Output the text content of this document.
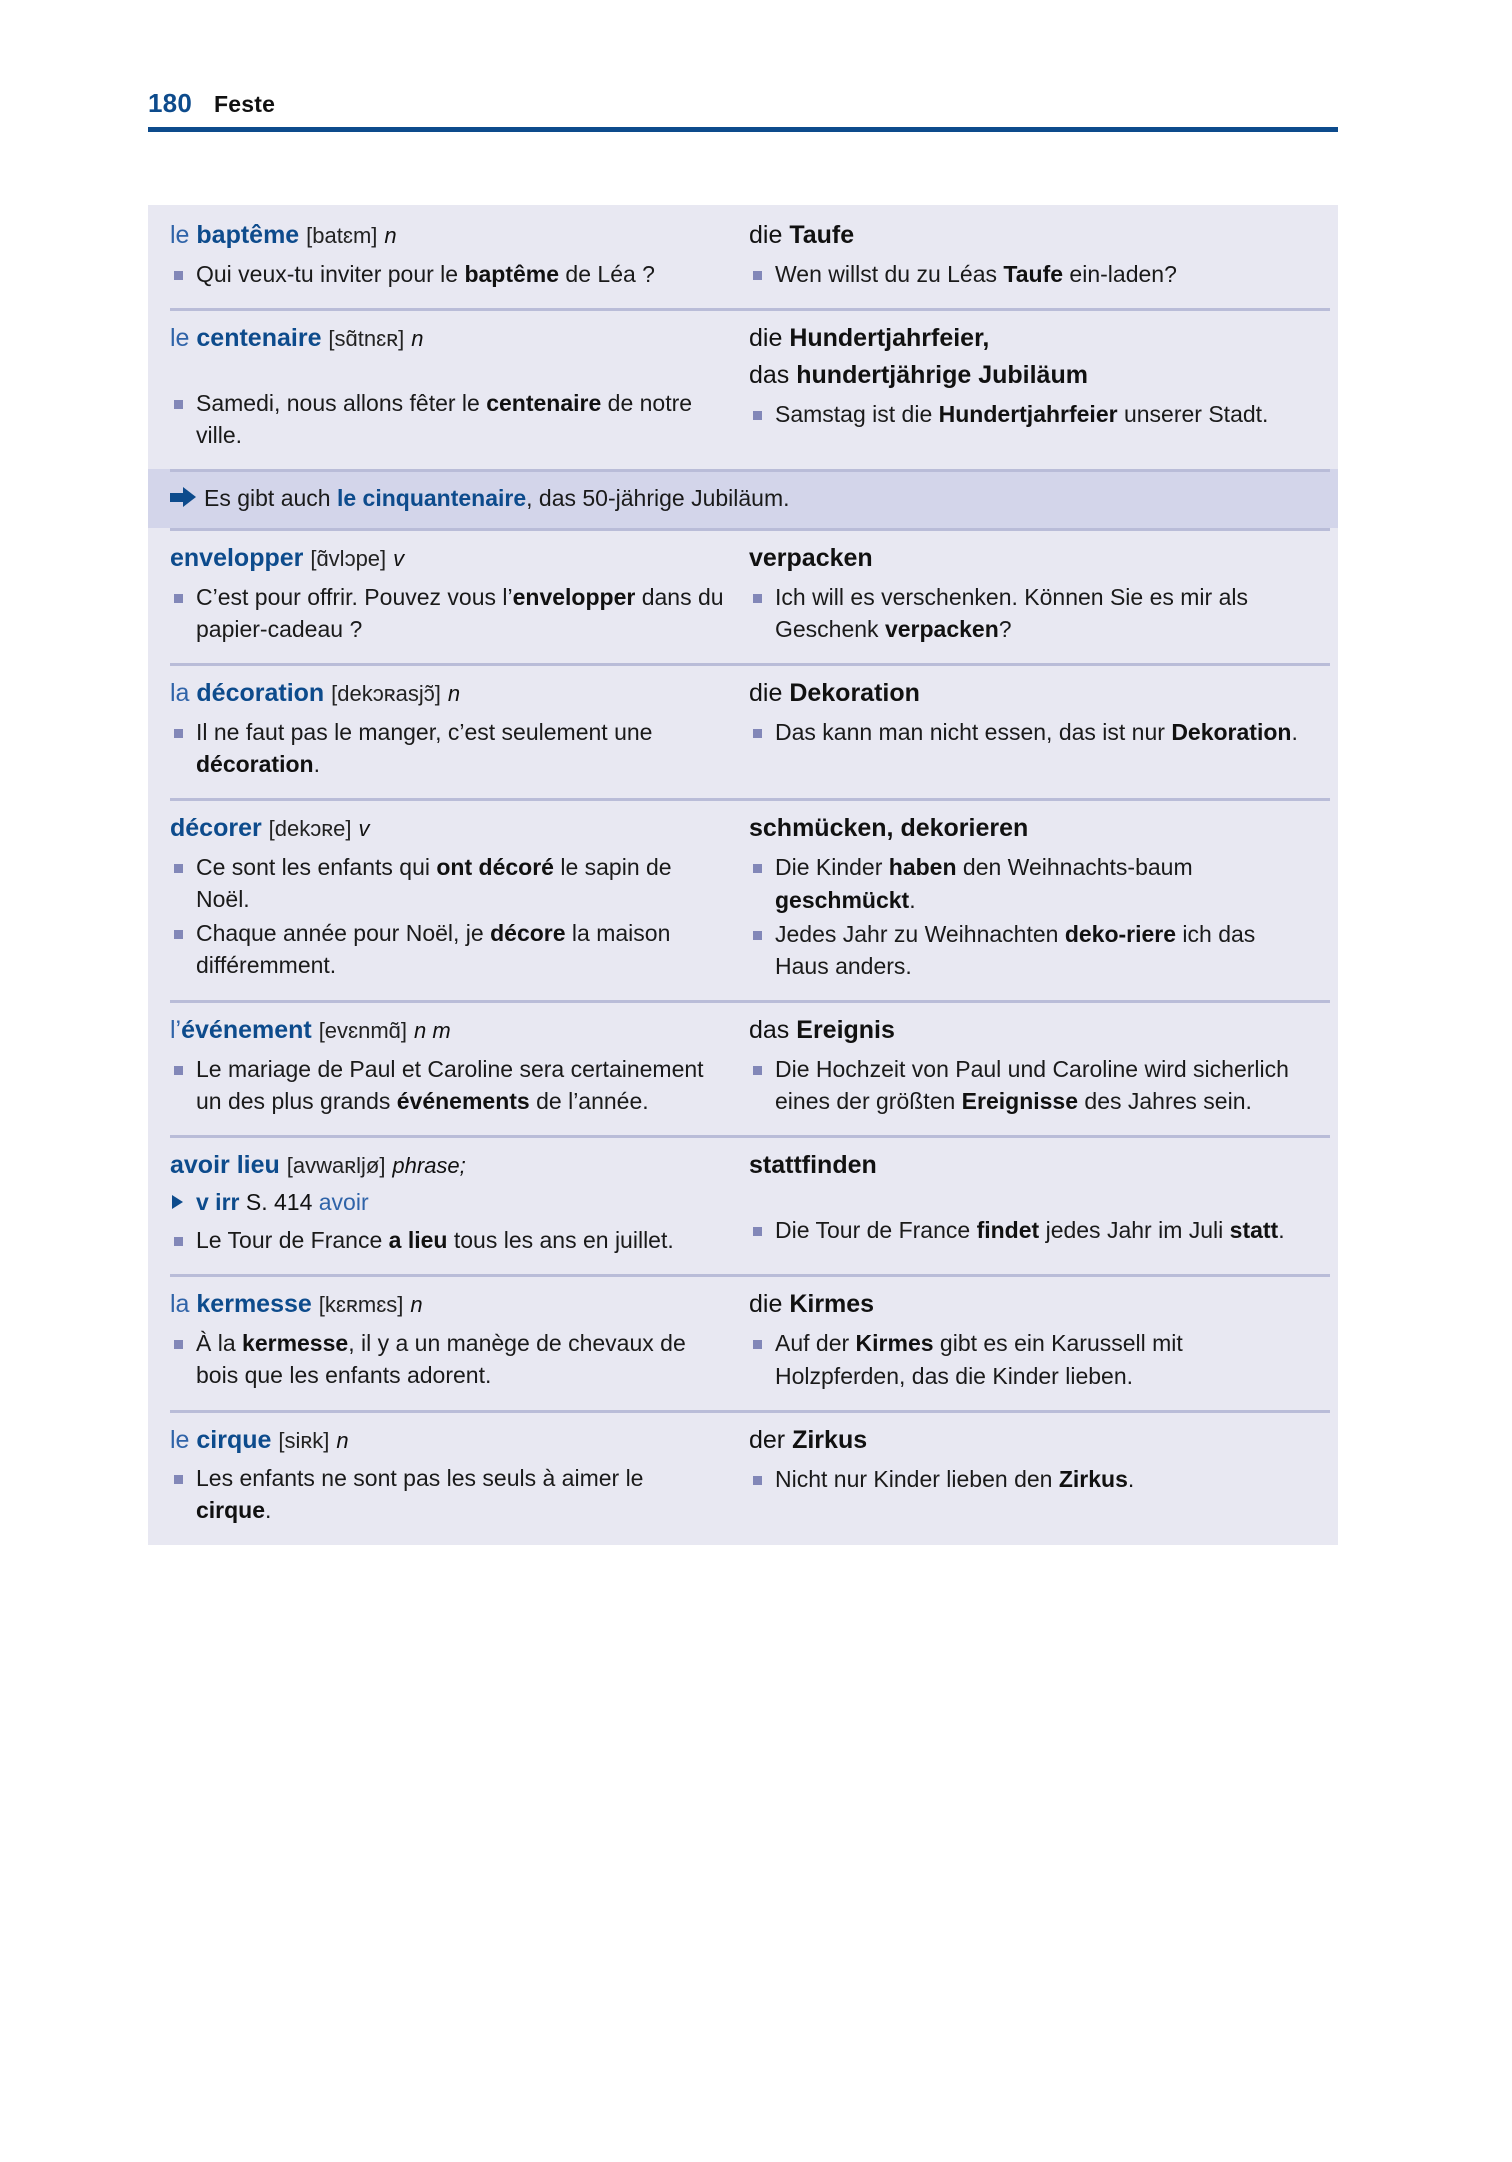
180 Feste
le baptême [batɛm] n
Qui veux-tu inviter pour le baptême de Léa ?
die Taufe
Wen willst du zu Léas Taufe ein-laden?
le centenaire [sɑ̃tnɛʀ] n
Samedi, nous allons fêter le centenaire de notre ville.
die Hundertjahrfeier,
das hundertjährige Jubiläum
Samstag ist die Hundertjahrfeier unserer Stadt.
Es gibt auch le cinquantenaire, das 50-jährige Jubiläum.
envelopper [ɑ̃vlɔpe] v
C’est pour offrir. Pouvez vous l’envelopper dans du papier-cadeau ?
verpacken
Ich will es verschenken. Können Sie es mir als Geschenk verpacken?
la décoration [dekɔʀasjɔ̃] n
Il ne faut pas le manger, c’est seulement une décoration.
die Dekoration
Das kann man nicht essen, das ist nur Dekoration.
décorer [dekɔʀe] v
Ce sont les enfants qui ont décoré le sapin de Noël.
Chaque année pour Noël, je décore la maison différemment.
schmücken, dekorieren
Die Kinder haben den Weihnachts-baum geschmückt.
Jedes Jahr zu Weihnachten deko-riere ich das Haus anders.
l’événement [evɛnmɑ̃] n m
Le mariage de Paul et Caroline sera certainement un des plus grands événements de l’année.
das Ereignis
Die Hochzeit von Paul und Caroline wird sicherlich eines der größten Ereignisse des Jahres sein.
avoir lieu [avwaʀljø] phrase;
v irr S. 414 avoir
Le Tour de France a lieu tous les ans en juillet.
stattfinden
Die Tour de France findet jedes Jahr im Juli statt.
la kermesse [kɛʀmɛs] n
À la kermesse, il y a un manège de chevaux de bois que les enfants adorent.
die Kirmes
Auf der Kirmes gibt es ein Karussell mit Holzpferden, das die Kinder lieben.
le cirque [siʀk] n
Les enfants ne sont pas les seuls à aimer le cirque.
der Zirkus
Nicht nur Kinder lieben den Zirkus.
